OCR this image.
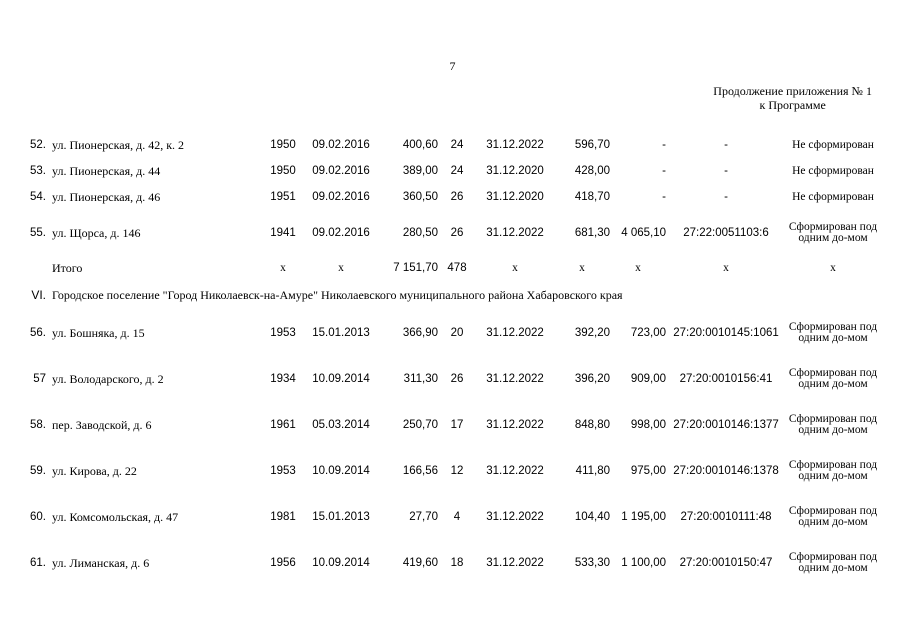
7
Продолжение приложения № 1
к Программе
52.	ул. Пионерская, д. 42, к. 2	1950	09.02.2016	400,60	24	31.12.2022	596,70	-	-	Не сформирован
53.	ул. Пионерская, д. 44	1950	09.02.2016	389,00	24	31.12.2020	428,00	-	-	Не сформирован
54.	ул. Пионерская, д. 46	1951	09.02.2016	360,50	26	31.12.2020	418,70	-	-	Не сформирован
55.	ул. Щорса, д. 146	1941	09.02.2016	280,50	26	31.12.2022	681,30	4 065,10	27:22:0051103:6	Сформирован под одним до-мом
	Итого	х	х	7 151,70	478	х	х	х	х	х
VI.	Городское поселение "Город Николаевск-на-Амуре" Николаевского муниципального района Хабаровского края									
56.	ул. Бошняка, д. 15	1953	15.01.2013	366,90	20	31.12.2022	392,20	723,00	27:20:0010145:1061	Сформирован под одним до-мом
57	ул. Володарского, д. 2	1934	10.09.2014	311,30	26	31.12.2022	396,20	909,00	27:20:0010156:41	Сформирован под одним до-мом
58.	пер. Заводской, д. 6	1961	05.03.2014	250,70	17	31.12.2022	848,80	998,00	27:20:0010146:1377	Сформирован под одним до-мом
59.	ул. Кирова, д. 22	1953	10.09.2014	166,56	12	31.12.2022	411,80	975,00	27:20:0010146:1378	Сформирован под одним до-мом
60.	ул. Комсомольская, д. 47	1981	15.01.2013	27,70	4	31.12.2022	104,40	1 195,00	27:20:0010111:48	Сформирован под одним до-мом
61.	ул. Лиманская, д. 6	1956	10.09.2014	419,60	18	31.12.2022	533,30	1 100,00	27:20:0010150:47	Сформирован под одним до-мом
